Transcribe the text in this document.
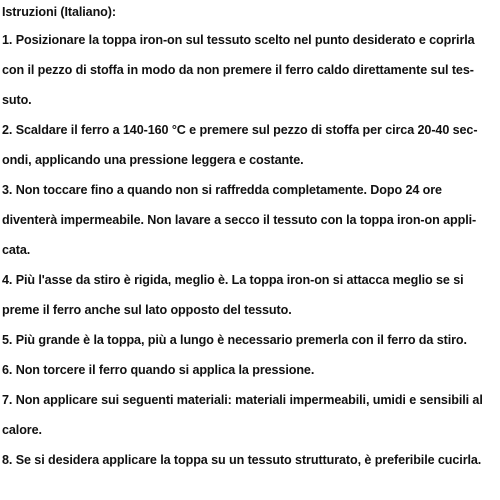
Istruzioni (Italiano):
1. Posizionare la toppa iron-on sul tessuto scelto nel punto desiderato e coprirla
con il pezzo di stoffa in modo da non premere il ferro caldo direttamente sul tes-
suto.
2. Scaldare il ferro a 140-160 °C e premere sul pezzo di stoffa per circa 20-40 sec-
ondi, applicando una pressione leggera e costante.
3. Non toccare fino a quando non si raffredda completamente. Dopo 24 ore
diventerà impermeabile. Non lavare a secco il tessuto con la toppa iron-on appli-
cata.
4. Più l'asse da stiro è rigida, meglio è. La toppa iron-on si attacca meglio se si
preme il ferro anche sul lato opposto del tessuto.
5. Più grande è la toppa, più a lungo è necessario premerla con il ferro da stiro.
6. Non torcere il ferro quando si applica la pressione.
7. Non applicare sui seguenti materiali: materiali impermeabili, umidi e sensibili al
calore.
8. Se si desidera applicare la toppa su un tessuto strutturato, è preferibile cucirla.
